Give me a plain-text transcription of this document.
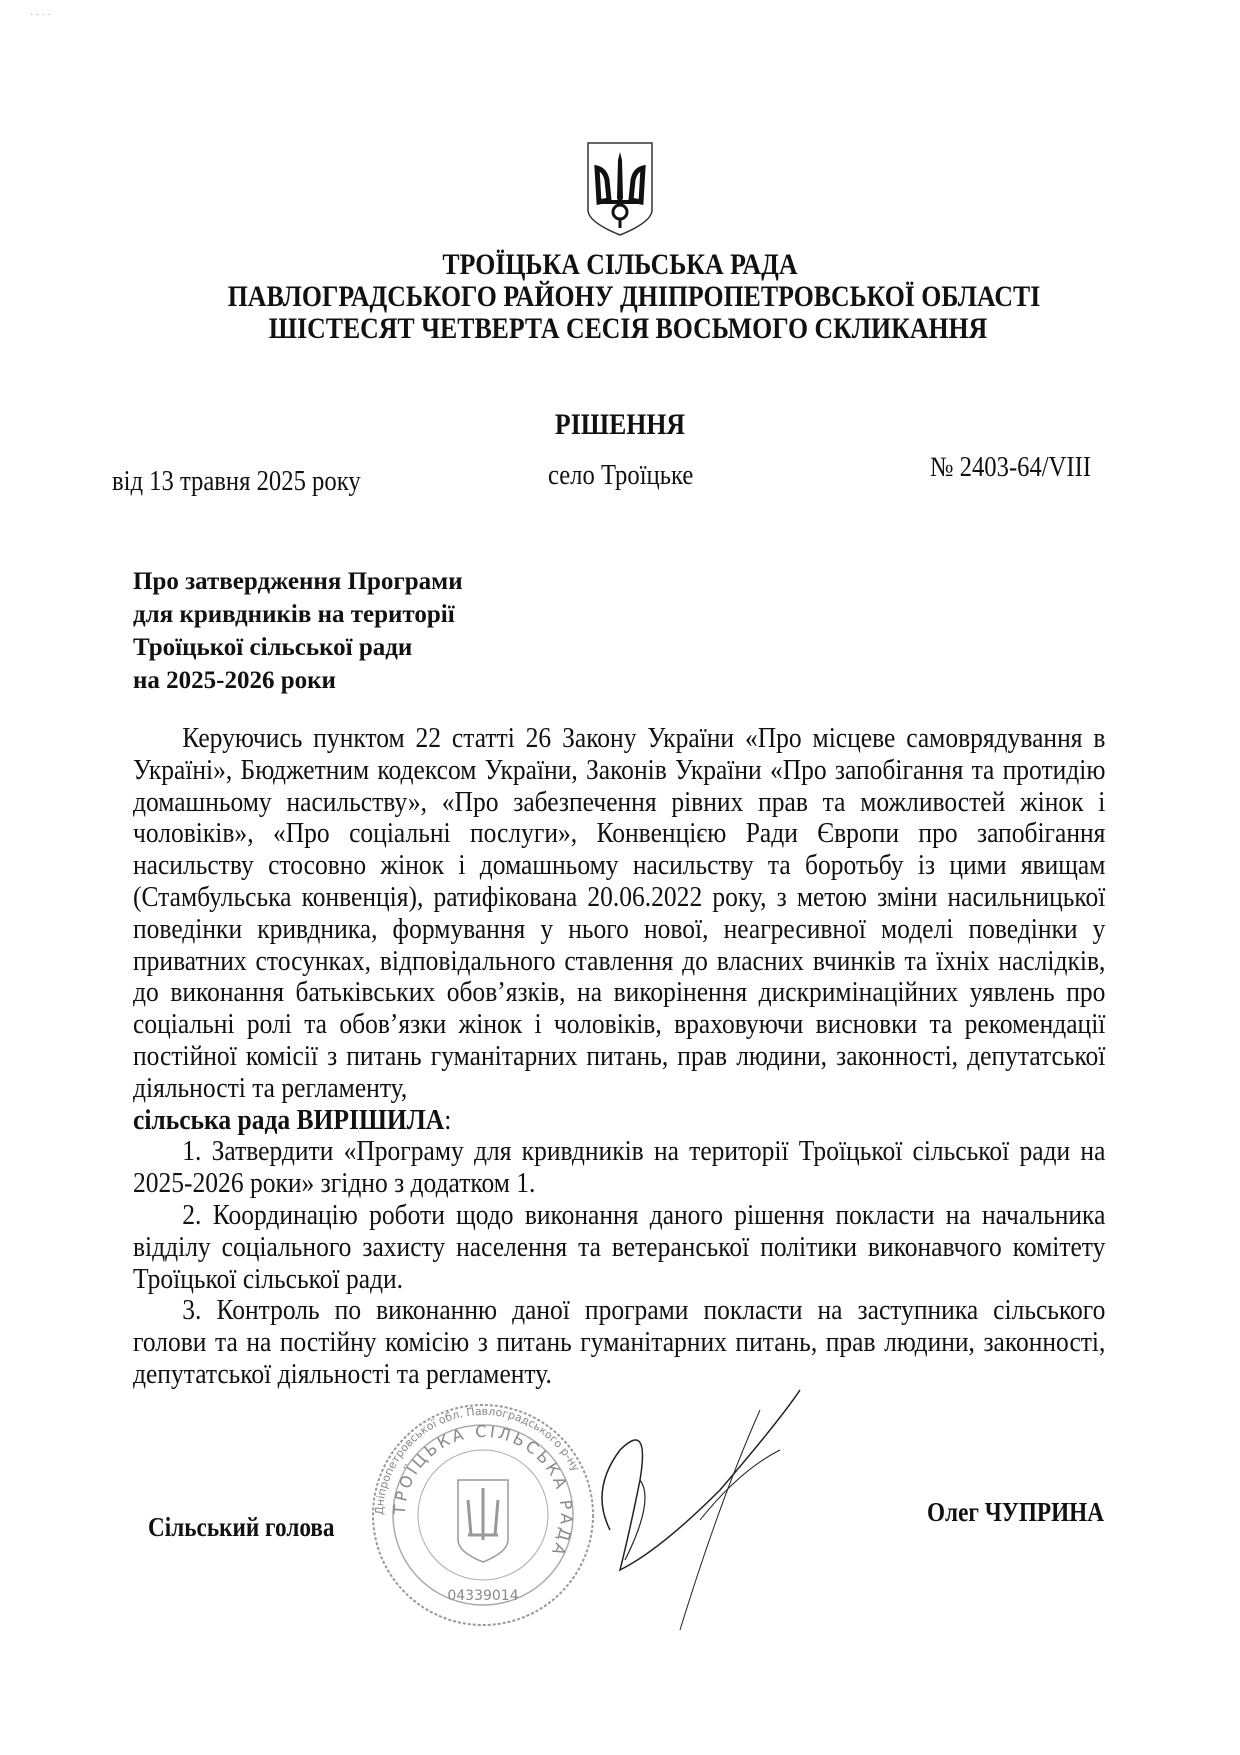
· · · ·
ТРОЇЦЬКА СІЛЬСЬКА РАДА
ПАВЛОГРАДСЬКОГО РАЙОНУ ДНІПРОПЕТРОВСЬКОЇ ОБЛАСТІ
ШІСТЕСЯТ ЧЕТВЕРТА СЕСІЯ ВОСЬМОГО СКЛИКАННЯ
РІШЕННЯ
від 13 травня 2025 року	село Троїцьке	№ 2403-64/VIII
Про затвердження Програми
для кривдників на території
Троїцької сільської ради
на 2025-2026 роки

Керуючись пунктом 22 статті 26 Закону України «Про місцеве самоврядування в Україні», Бюджетним кодексом України, Законів України «Про запобігання та протидію домашньому насильству», «Про забезпечення рівних прав та можливостей жінок і чоловіків», «Про соціальні послуги», Конвенцією Ради Європи про запобігання насильству стосовно жінок і домашньому насильству та боротьбу із цими явищам (Стамбульська конвенція), ратифікована 20.06.2022 року, з метою зміни насильницької поведінки кривдника, формування у нього нової, неагресивної моделі поведінки у приватних стосунках, відповідального ставлення до власних вчинків та їхніх наслідків, до виконання батьківських обов’язків, на викорінення дискримінаційних уявлень про соціальні ролі та обов’язки жінок і чоловіків, враховуючи висновки та рекомендації постійної комісії з питань гуманітарних питань, прав людини, законності, депутатської діяльності та регламенту,

сільська рада ВИРІШИЛА:

1. Затвердити «Програму для кривдників на території Троїцької сільської ради на 2025-2026 роки» згідно з додатком 1.

2. Координацію роботи щодо виконання даного рішення покласти на начальника відділу соціального захисту населення та ветеранської політики виконавчого комітету Троїцької сільської ради.

3. Контроль по виконанню даної програми покласти на заступника сільського голови та на постійну комісію з питань гуманітарних питань, прав людини, законності, депутатської діяльності та регламенту.

Сільський голова	Олег ЧУПРИНА
Дніпропетровської обл. Павлоградського р-ну
ТРОЇЦЬКА СІЛЬСЬКА РАДА
04339014
